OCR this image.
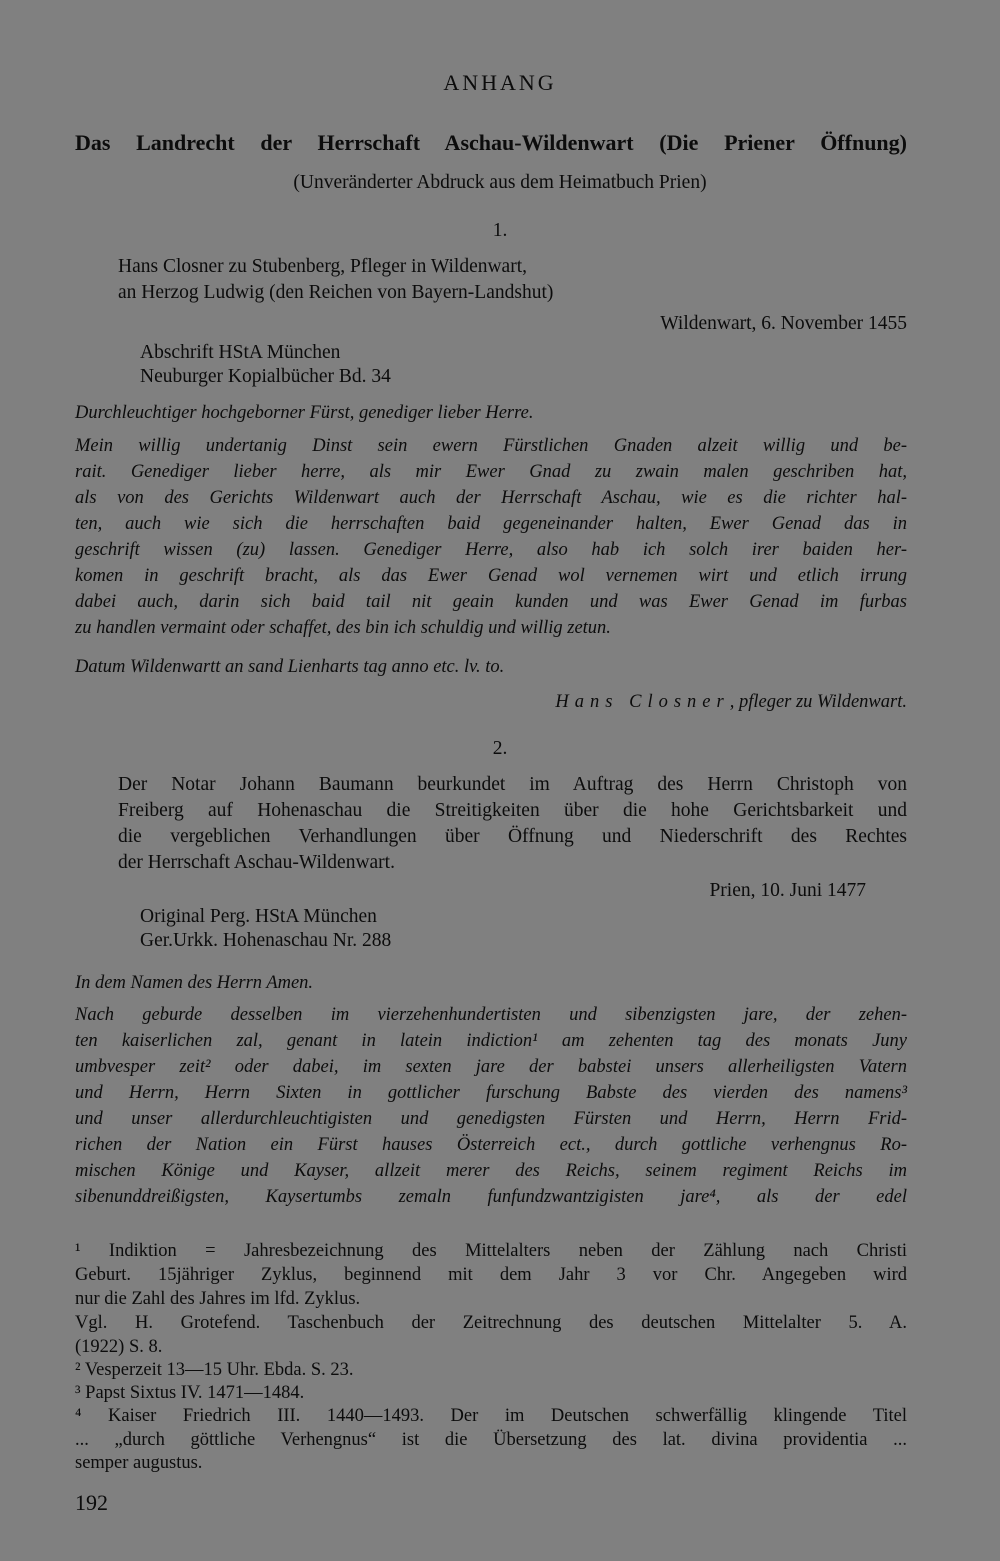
ANHANG
Das Landrecht der Herrschaft Aschau-Wildenwart (Die Priener Öffnung)
(Unveränderter Abdruck aus dem Heimatbuch Prien)
1.
Hans Closner zu Stubenberg, Pfleger in Wildenwart,
an Herzog Ludwig (den Reichen von Bayern-Landshut)
Wildenwart, 6. November 1455
Abschrift HStA München
Neuburger Kopialbücher Bd. 34
Durchleuchtiger hochgeborner Fürst, genediger lieber Herre.
Mein willig undertanig Dinst sein ewern Fürstlichen Gnaden alzeit willig und be-
rait. Genediger lieber herre, als mir Ewer Gnad zu zwain malen geschriben hat,
als von des Gerichts Wildenwart auch der Herrschaft Aschau, wie es die richter hal-
ten, auch wie sich die herrschaften baid gegeneinander halten, Ewer Genad das in
geschrift wissen (zu) lassen. Genediger Herre, also hab ich solch irer baiden her-
komen in geschrift bracht, als das Ewer Genad wol vernemen wirt und etlich irrung
dabei auch, darin sich baid tail nit geain kunden und was Ewer Genad im furbas
zu handlen vermaint oder schaffet, des bin ich schuldig und willig zetun.
Datum Wildenwartt an sand Lienharts tag anno etc. lv. to.
Hans Closner, pfleger zu Wildenwart.
2.
Der Notar Johann Baumann beurkundet im Auftrag des Herrn Christoph von
Freiberg auf Hohenaschau die Streitigkeiten über die hohe Gerichtsbarkeit und
die vergeblichen Verhandlungen über Öffnung und Niederschrift des Rechtes
der Herrschaft Aschau-Wildenwart.
Prien, 10. Juni 1477
Original Perg. HStA München
Ger.Urkk. Hohenaschau Nr. 288
In dem Namen des Herrn Amen.
Nach geburde desselben im vierzehenhundertisten und sibenzigsten jare, der zehen-
ten kaiserlichen zal, genant in latein indiction¹ am zehenten tag des monats Juny
umbvesper zeit² oder dabei, im sexten jare der babstei unsers allerheiligsten Vatern
und Herrn, Herrn Sixten in gottlicher furschung Babste des vierden des namens³
und unser allerdurchleuchtigisten und genedigsten Fürsten und Herrn, Herrn Frid-
richen der Nation ein Fürst hauses Österreich ect., durch gottliche verhengnus Ro-
mischen Könige und Kayser, allzeit merer des Reichs, seinem regiment Reichs im
sibenunddreißigsten, Kaysertumbs zemaln funfundzwantzigisten jare⁴, als der edel
¹ Indiktion = Jahresbezeichnung des Mittelalters neben der Zählung nach Christi
Geburt. 15jähriger Zyklus, beginnend mit dem Jahr 3 vor Chr. Angegeben wird
nur die Zahl des Jahres im lfd. Zyklus.
Vgl. H. Grotefend. Taschenbuch der Zeitrechnung des deutschen Mittelalter 5. A.
(1922) S. 8.
² Vesperzeit 13—15 Uhr. Ebda. S. 23.
³ Papst Sixtus IV. 1471—1484.
⁴ Kaiser Friedrich III. 1440—1493. Der im Deutschen schwerfällig klingende Titel
... „durch göttliche Verhengnus“ ist die Übersetzung des lat. divina providentia ...
semper augustus.
192
